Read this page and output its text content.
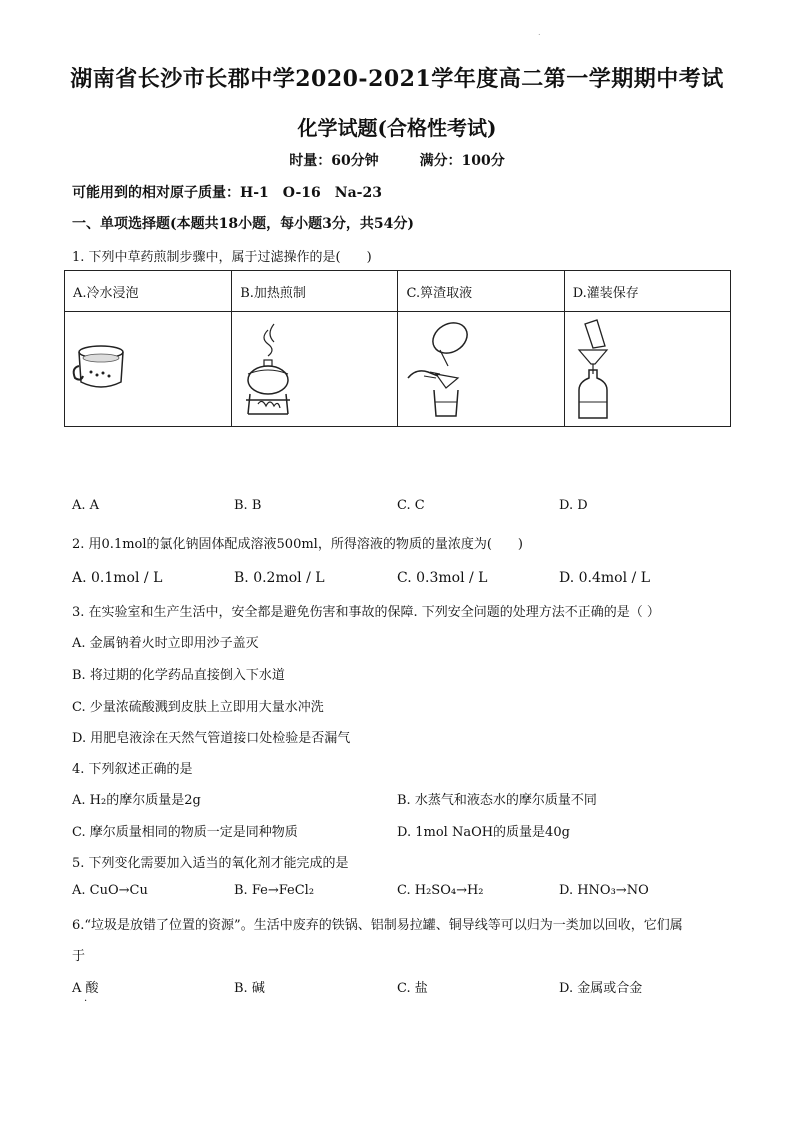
.
湖南省长沙市长郡中学2020-2021学年度高二第一学期期中考试
化学试题(合格性考试)
时量：60分钟	满分：100分
可能用到的相对原子质量：H-1　O-16　Na-23
一、单项选择题(本题共18小题，每小题3分，共54分)
1. 下列中草药煎制步骤中，属于过滤操作的是(　　)
A.冷水浸泡	B.加热煎制	C.箅渣取液	D.灌装保存

A. A	B. B	C. C	D. D
2. 用0.1mol的氯化钠固体配成溶液500ml，所得溶液的物质的量浓度为(　　)
A. 0.1mol / L	B. 0.2mol / L	C. 0.3mol / L	D. 0.4mol / L
3. 在实验室和生产生活中，安全都是避免伤害和事故的保障. 下列安全问题的处理方法不正确的是（ ）
A. 金属钠着火时立即用沙子盖灭
B. 将过期的化学药品直接倒入下水道
C. 少量浓硫酸溅到皮肤上立即用大量水冲洗
D. 用肥皂液涂在天然气管道接口处检验是否漏气
4. 下列叙述正确的是
A. H₂的摩尔质量是2g	B. 水蒸气和液态水的摩尔质量不同
C. 摩尔质量相同的物质一定是同种物质	D. 1mol NaOH的质量是40g
5. 下列变化需要加入适当的氧化剂才能完成的是
A. CuO→Cu	B. Fe→FeCl₂	C. H₂SO₄→H₂	D. HNO₃→NO
6.“垃圾是放错了位置的资源”。生活中废弃的铁锅、铝制易拉罐、铜导线等可以归为一类加以回收，它们属
于
A 酸	B. 碱	C. 盐	D. 金属或合金
.
